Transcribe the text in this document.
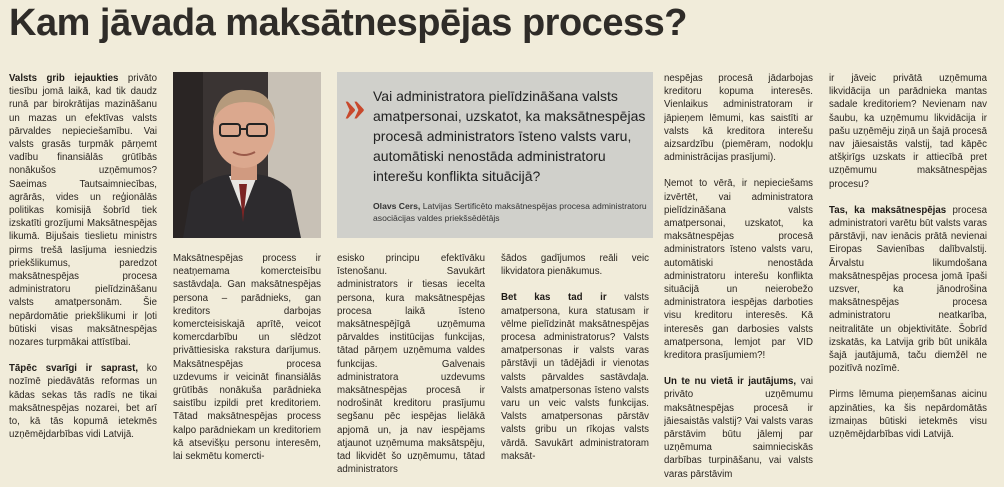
Kam jāvada maksātnespējas process?

Valsts grib iejaukties privāto tiesību jomā laikā, kad tik daudz runā par birokrātijas mazināšanu un mazas un efektīvas valsts pārvaldes nepieciešamību. Vai valsts grasās turpmāk pārņemt vadību finansiālās grūtībās nonākušos uzņēmumos? Saeimas Tautsaimniecības, agrārās, vides un reģionālās politikas komisijā šobrīd tiek izskatīti grozījumi Maksātnespējas likumā. Bijušais tieslietu ministrs pirms trešā lasījuma iesniedzis priekšlikumus, paredzot maksātnespējas procesa administratoru pielīdzināšanu valsts amatpersonām. Šie nepārdomātie priekšlikumi ir ļoti būtiski visas maksātnespējas nozares turpmākai attīstībai.

Tāpēc svarīgi ir saprast, ko nozīmē piedāvātās reformas un kādas sekas tās radīs ne tikai maksātnespējas nozarei, bet arī to, kā tās kopumā ietekmēs uzņēmējdarbības vidi Latvijā.

» Vai administratora pielīdzināšana valsts amatpersonai, uzskatot, ka maksātnespējas procesā administrators īsteno valsts varu, automātiski nenostāda administratoru interešu konflikta situācijā?
Olavs Cers, Latvijas Sertificēto maksātnespējas procesa administratoru asociācijas valdes priekšsēdētājs

Maksātnespējas process ir neatņemama komercteisību sastāvdaļa. Gan maksātnespējas persona – parādnieks, gan kreditors darbojas komercteisiskajā aprītē, veicot komercdarbību un slēdzot privāttiesiska rakstura darījumus. Maksātnespējas procesa uzdevums ir veicināt finansiālās grūtībās nonākuša parādnieka saistību izpildi pret kreditoriem. Tātad maksātnespējas process kalpo parādniekam un kreditoriem kā atsevišķu personu interesēm, lai sekmētu komercti-

esisko principu efektīvāku īstenošanu. Savukārt administrators ir tiesas iecelta persona, kura maksātnespējas procesa laikā īsteno maksātnespējīgā uzņēmuma pārvaldes institūcijas funkcijas, tātad pārņem uzņēmuma valdes funkcijas. Galvenais administratora uzdevums maksātnespējas procesā ir nodrošināt kreditoru prasījumu segšanu pēc iespējas lielākā apjomā un, ja nav iespējams atjaunot uzņēmuma maksātspēju, tad likvidēt šo uzņēmumu, tātad administrators

šādos gadījumos reāli veic likvidatora pienākumus.

Bet kas tad ir valsts amatpersona, kura statusam ir vēlme pielīdzināt maksātnespējas procesa administratorus? Valsts amatpersonas ir valsts varas pārstāvji un tādējādi ir vienotas valsts pārvaldes sastāvdaļa. Valsts amatpersonas īsteno valsts varu un veic valsts funkcijas. Valsts amatpersonas pārstāv valsts gribu un rīkojas valsts vārdā. Savukārt administratoram maksāt-

nespējas procesā jādarbojas kreditoru kopuma interesēs. Vienlaikus administratoram ir jāpieņem lēmumi, kas saistīti ar valsts kā kreditora interešu aizsardzību (piemēram, nodokļu administrācijas prasījumi).

Ņemot to vērā, ir nepieciešams izvērtēt, vai administratora pielīdzināšana valsts amatpersonai, uzskatot, ka maksātnespējas procesā administrators īsteno valsts varu, automātiski nenostāda administratoru interešu konflikta situācijā un neierobežo administratora iespējas darboties visu kreditoru interesēs. Kā interesēs gan darbosies valsts amatpersona, lemjot par VID kreditora prasījumiem?!

Un te nu vietā ir jautājums, vai privāto uzņēmumu maksātnespējas procesā ir jāiesaistās valstij? Vai valsts varas pārstāvim būtu jālemj par uzņēmuma saimnieciskās darbības turpināšanu, vai valsts varas pārstāvim

ir jāveic privātā uzņēmuma likvidācija un parādnieka mantas sadale kreditoriem? Nevienam nav šaubu, ka uzņēmumu likvidācija ir pašu uzņēmēju ziņā un šajā procesā nav jāiesaistās valstij, tad kāpēc atšķirīgs uzskats ir attiecībā pret uzņēmumu maksātnespējas procesu?

Tas, ka maksātnespējas procesa administratori varētu būt valsts varas pārstāvji, nav ienācis prātā nevienai Eiropas Savienības dalībvalstij. Ārvalstu likumdošana maksātnespējas procesa jomā īpaši uzsver, ka jānodrošina maksātnespējas procesa administratoru neatkarība, neitralitāte un objektivitāte. Šobrīd izskatās, ka Latvija grib būt unikāla šajā jautājumā, taču diemžēl ne pozitīvā nozīmē.

Pirms lēmuma pieņemšanas aicinu apzināties, ka šis nepārdomātās izmaiņas būtiski ietekmēs visu uzņēmējdarbības vidi Latvijā.
